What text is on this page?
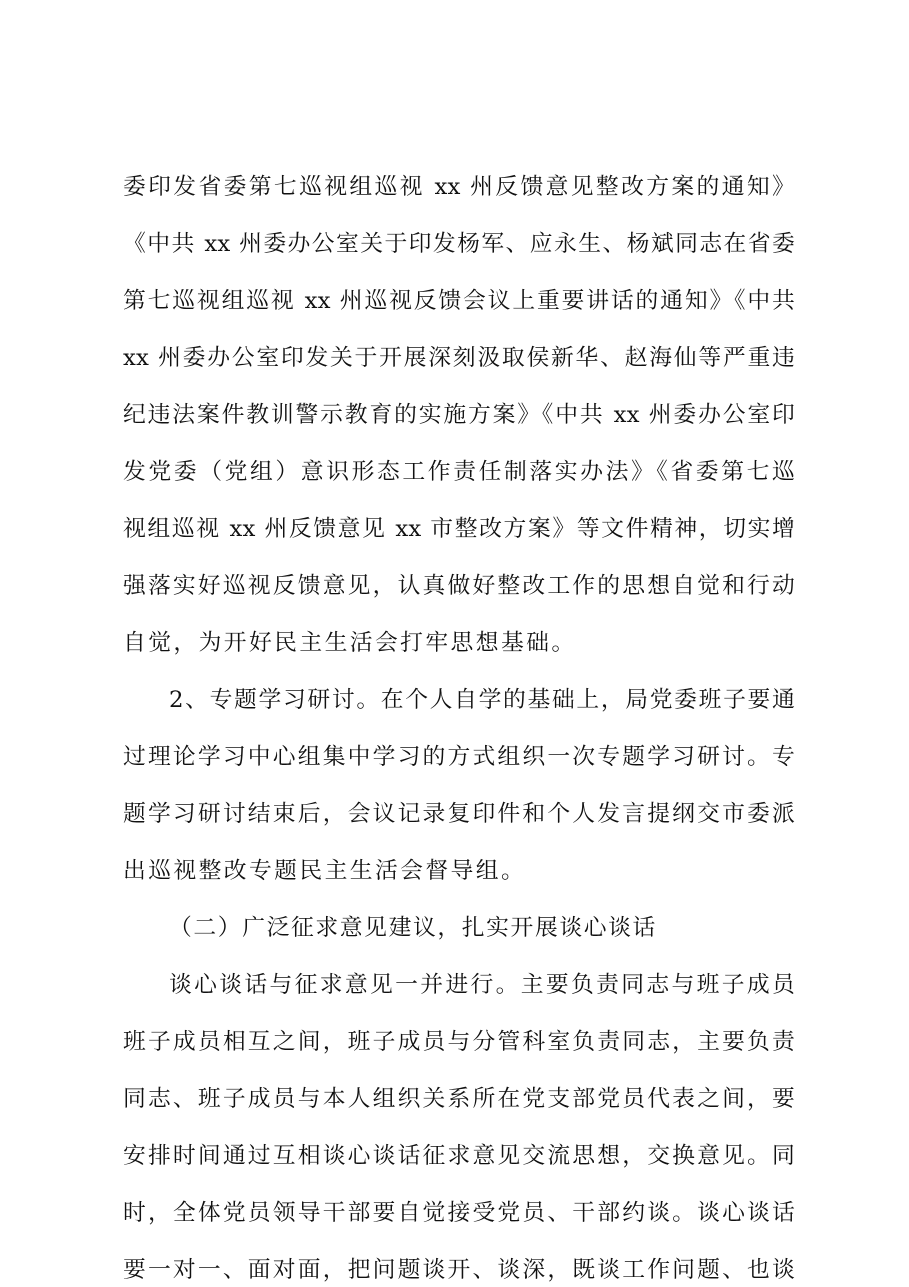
委印发省委第七巡视组巡视 xx 州反馈意见整改方案的通知》
《中共 xx 州委办公室关于印发杨军、应永生、杨斌同志在省委
第七巡视组巡视 xx 州巡视反馈会议上重要讲话的通知》《中共
xx 州委办公室印发关于开展深刻汲取侯新华、赵海仙等严重违
纪违法案件教训警示教育的实施方案》《中共 xx 州委办公室印
发党委（党组）意识形态工作责任制落实办法》《省委第七巡
视组巡视 xx 州反馈意见 xx 市整改方案》等文件精神，切实增
强落实好巡视反馈意见，认真做好整改工作的思想自觉和行动
自觉，为开好民主生活会打牢思想基础。
2、专题学习研讨。在个人自学的基础上，局党委班子要通
过理论学习中心组集中学习的方式组织一次专题学习研讨。专
题学习研讨结束后，会议记录复印件和个人发言提纲交市委派
出巡视整改专题民主生活会督导组。
（二）广泛征求意见建议，扎实开展谈心谈话
谈心谈话与征求意见一并进行。主要负责同志与班子成员
班子成员相互之间，班子成员与分管科室负责同志，主要负责
同志、班子成员与本人组织关系所在党支部党员代表之间，要
安排时间通过互相谈心谈话征求意见交流思想，交换意见。同
时，全体党员领导干部要自觉接受党员、干部约谈。谈心谈话
要一对一、面对面，把问题谈开、谈深，既谈工作问题、也谈
